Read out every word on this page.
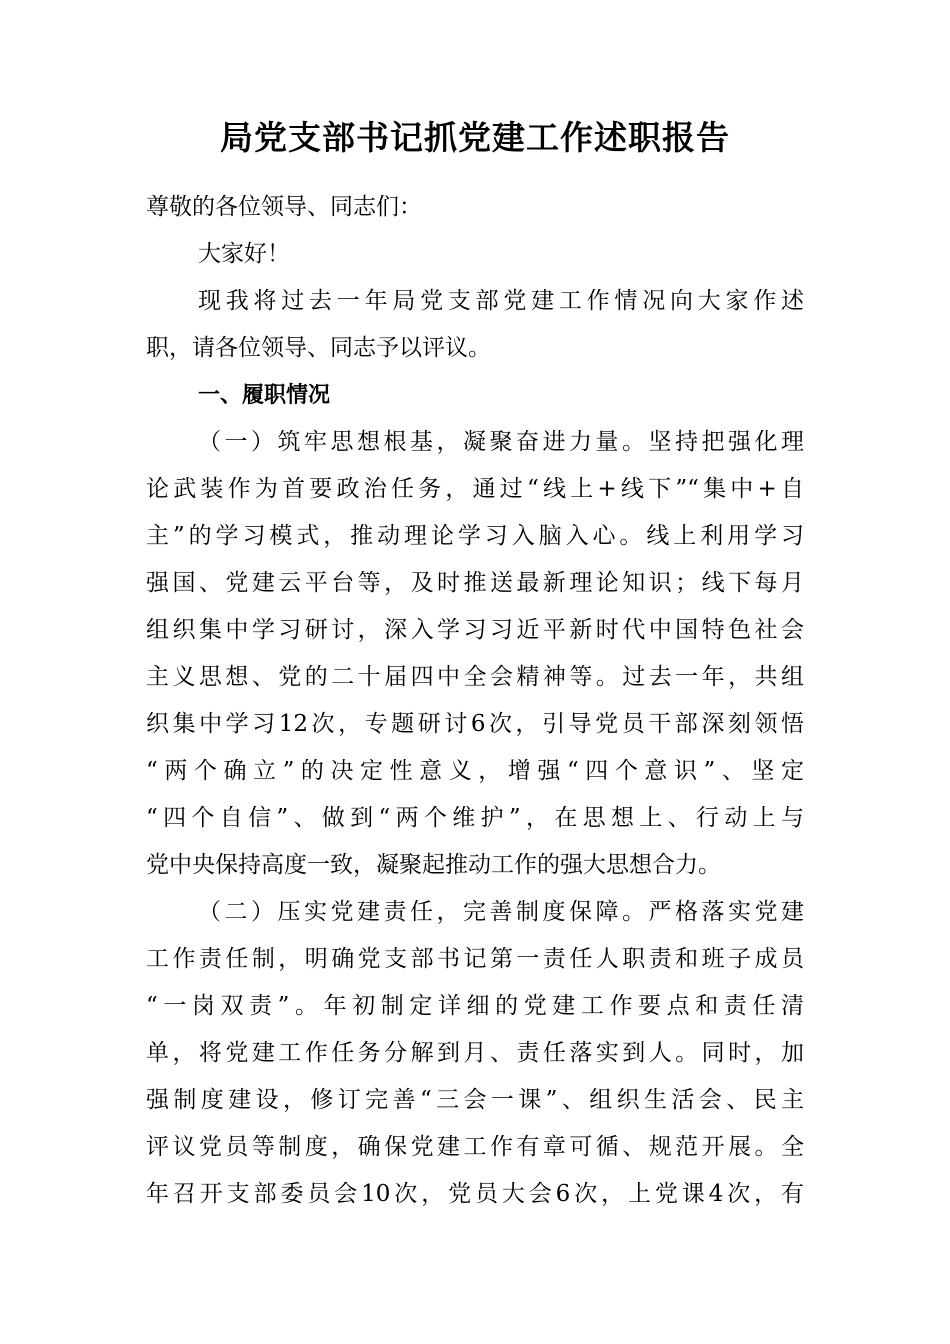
局党支部书记抓党建工作述职报告
尊敬的各位领导、同志们：
大家好！
现我将过去一年局党支部党建工作情况向大家作述
职，请各位领导、同志予以评议。
一、履职情况
（一）筑牢思想根基，凝聚奋进力量。坚持把强化理
论武装作为首要政治任务，通过“线上+线下”“集中+自
主”的学习模式，推动理论学习入脑入心。线上利用学习
强国、党建云平台等，及时推送最新理论知识；线下每月
组织集中学习研讨，深入学习习近平新时代中国特色社会
主义思想、党的二十届四中全会精神等。过去一年，共组
织集中学习12次，专题研讨6次，引导党员干部深刻领悟
“两个确立”的决定性意义，增强“四个意识”、坚定
“四个自信”、做到“两个维护”，在思想上、行动上与
党中央保持高度一致，凝聚起推动工作的强大思想合力。
（二）压实党建责任，完善制度保障。严格落实党建
工作责任制，明确党支部书记第一责任人职责和班子成员
“一岗双责”。年初制定详细的党建工作要点和责任清
单，将党建工作任务分解到月、责任落实到人。同时，加
强制度建设，修订完善“三会一课”、组织生活会、民主
评议党员等制度，确保党建工作有章可循、规范开展。全
年召开支部委员会10次，党员大会6次，上党课4次，有
